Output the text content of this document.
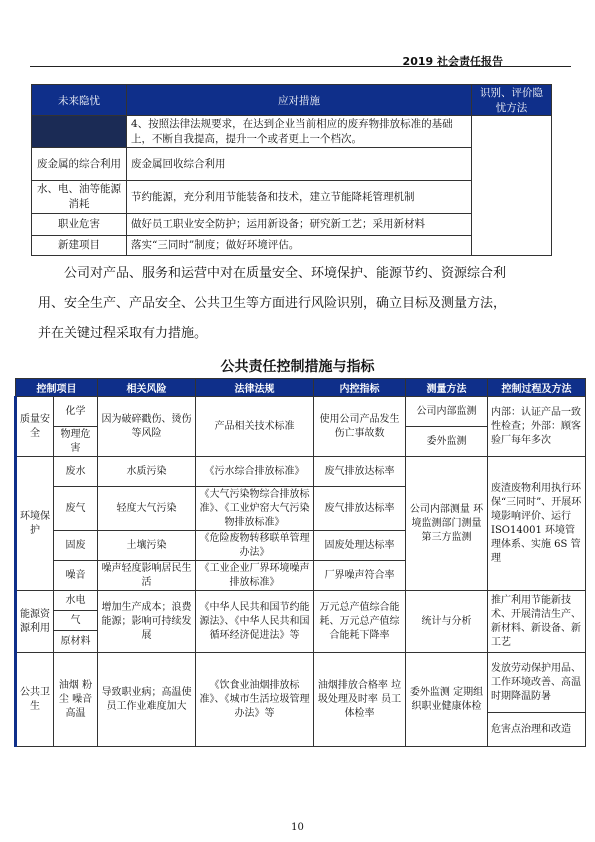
2019 社会责任报告
未来隐忧	应对措施	识别、评价隐忧方法
	4、按照法律法规要求，在达到企业当前相应的废弃物排放标准的基础上，不断自我提高，提升一个或者更上一个档次。	
废金属的综合利用	废金属回收综合利用	
水、电、油等能源消耗	节约能源，充分利用节能装备和技术，建立节能降耗管理机制	
职业危害	做好员工职业安全防护；运用新设备；研究新工艺；采用新材料	
新建项目	落实“三同时”制度；做好环境评估。	
公司对产品、服务和运营中对在质量安全、环境保护、能源节约、资源综合利
用、安全生产、产品安全、公共卫生等方面进行风险识别，确立目标及测量方法，
并在关键过程采取有力措施。
公共责任控制措施与指标
控制项目		相关风险	法律法规	内控指标	测量方法	控制过程及方法
质量安全	化学	因为破碎戳伤、烫伤等风险	产品相关技术标准	使用公司产品发生伤亡事故数	公司内部监测	内部：认证产品一致性检查；外部：顾客验厂每年多次
	物理危害				委外监测	
环境保护	废水	水质污染	《污水综合排放标准》	废气排放达标率	公司内部测量 环境监测部门测量 第三方监测	废渣废物利用执行环保“三同时”、开展环境影响评价、运行 ISO14001 环境管理体系、实施 6S 管理
	废气	轻度大气污染	《大气污染物综合排放标准》、《工业炉窑大气污染物排放标准》	废气排放达标率		
	固废	土壤污染	《危险废物转移联单管理办法》	固废处理达标率		
	噪音	噪声轻度影响居民生活	《工业企业厂界环境噪声排放标准》	厂界噪声符合率		
能源资源利用	水电	增加生产成本；浪费能源；影响可持续发展	《中华人民共和国节约能源法》、《中华人民共和国循环经济促进法》等	万元总产值综合能耗、万元总产值综合能耗下降率	统计与分析	推广利用节能新技术、开展清洁生产、新材料、新设备、新工艺
	气					
	原材料					
公共卫生	油烟 粉尘 噪音 高温	导致职业病；高温使员工作业难度加大	《饮食业油烟排放标准》、《城市生活垃圾管理办法》等	油烟排放合格率 垃圾处理及时率 员工体检率	委外监测 定期组织职业健康体检	发放劳动保护用品、工作环境改善、高温时期降温防暑
						危害点治理和改造
10
